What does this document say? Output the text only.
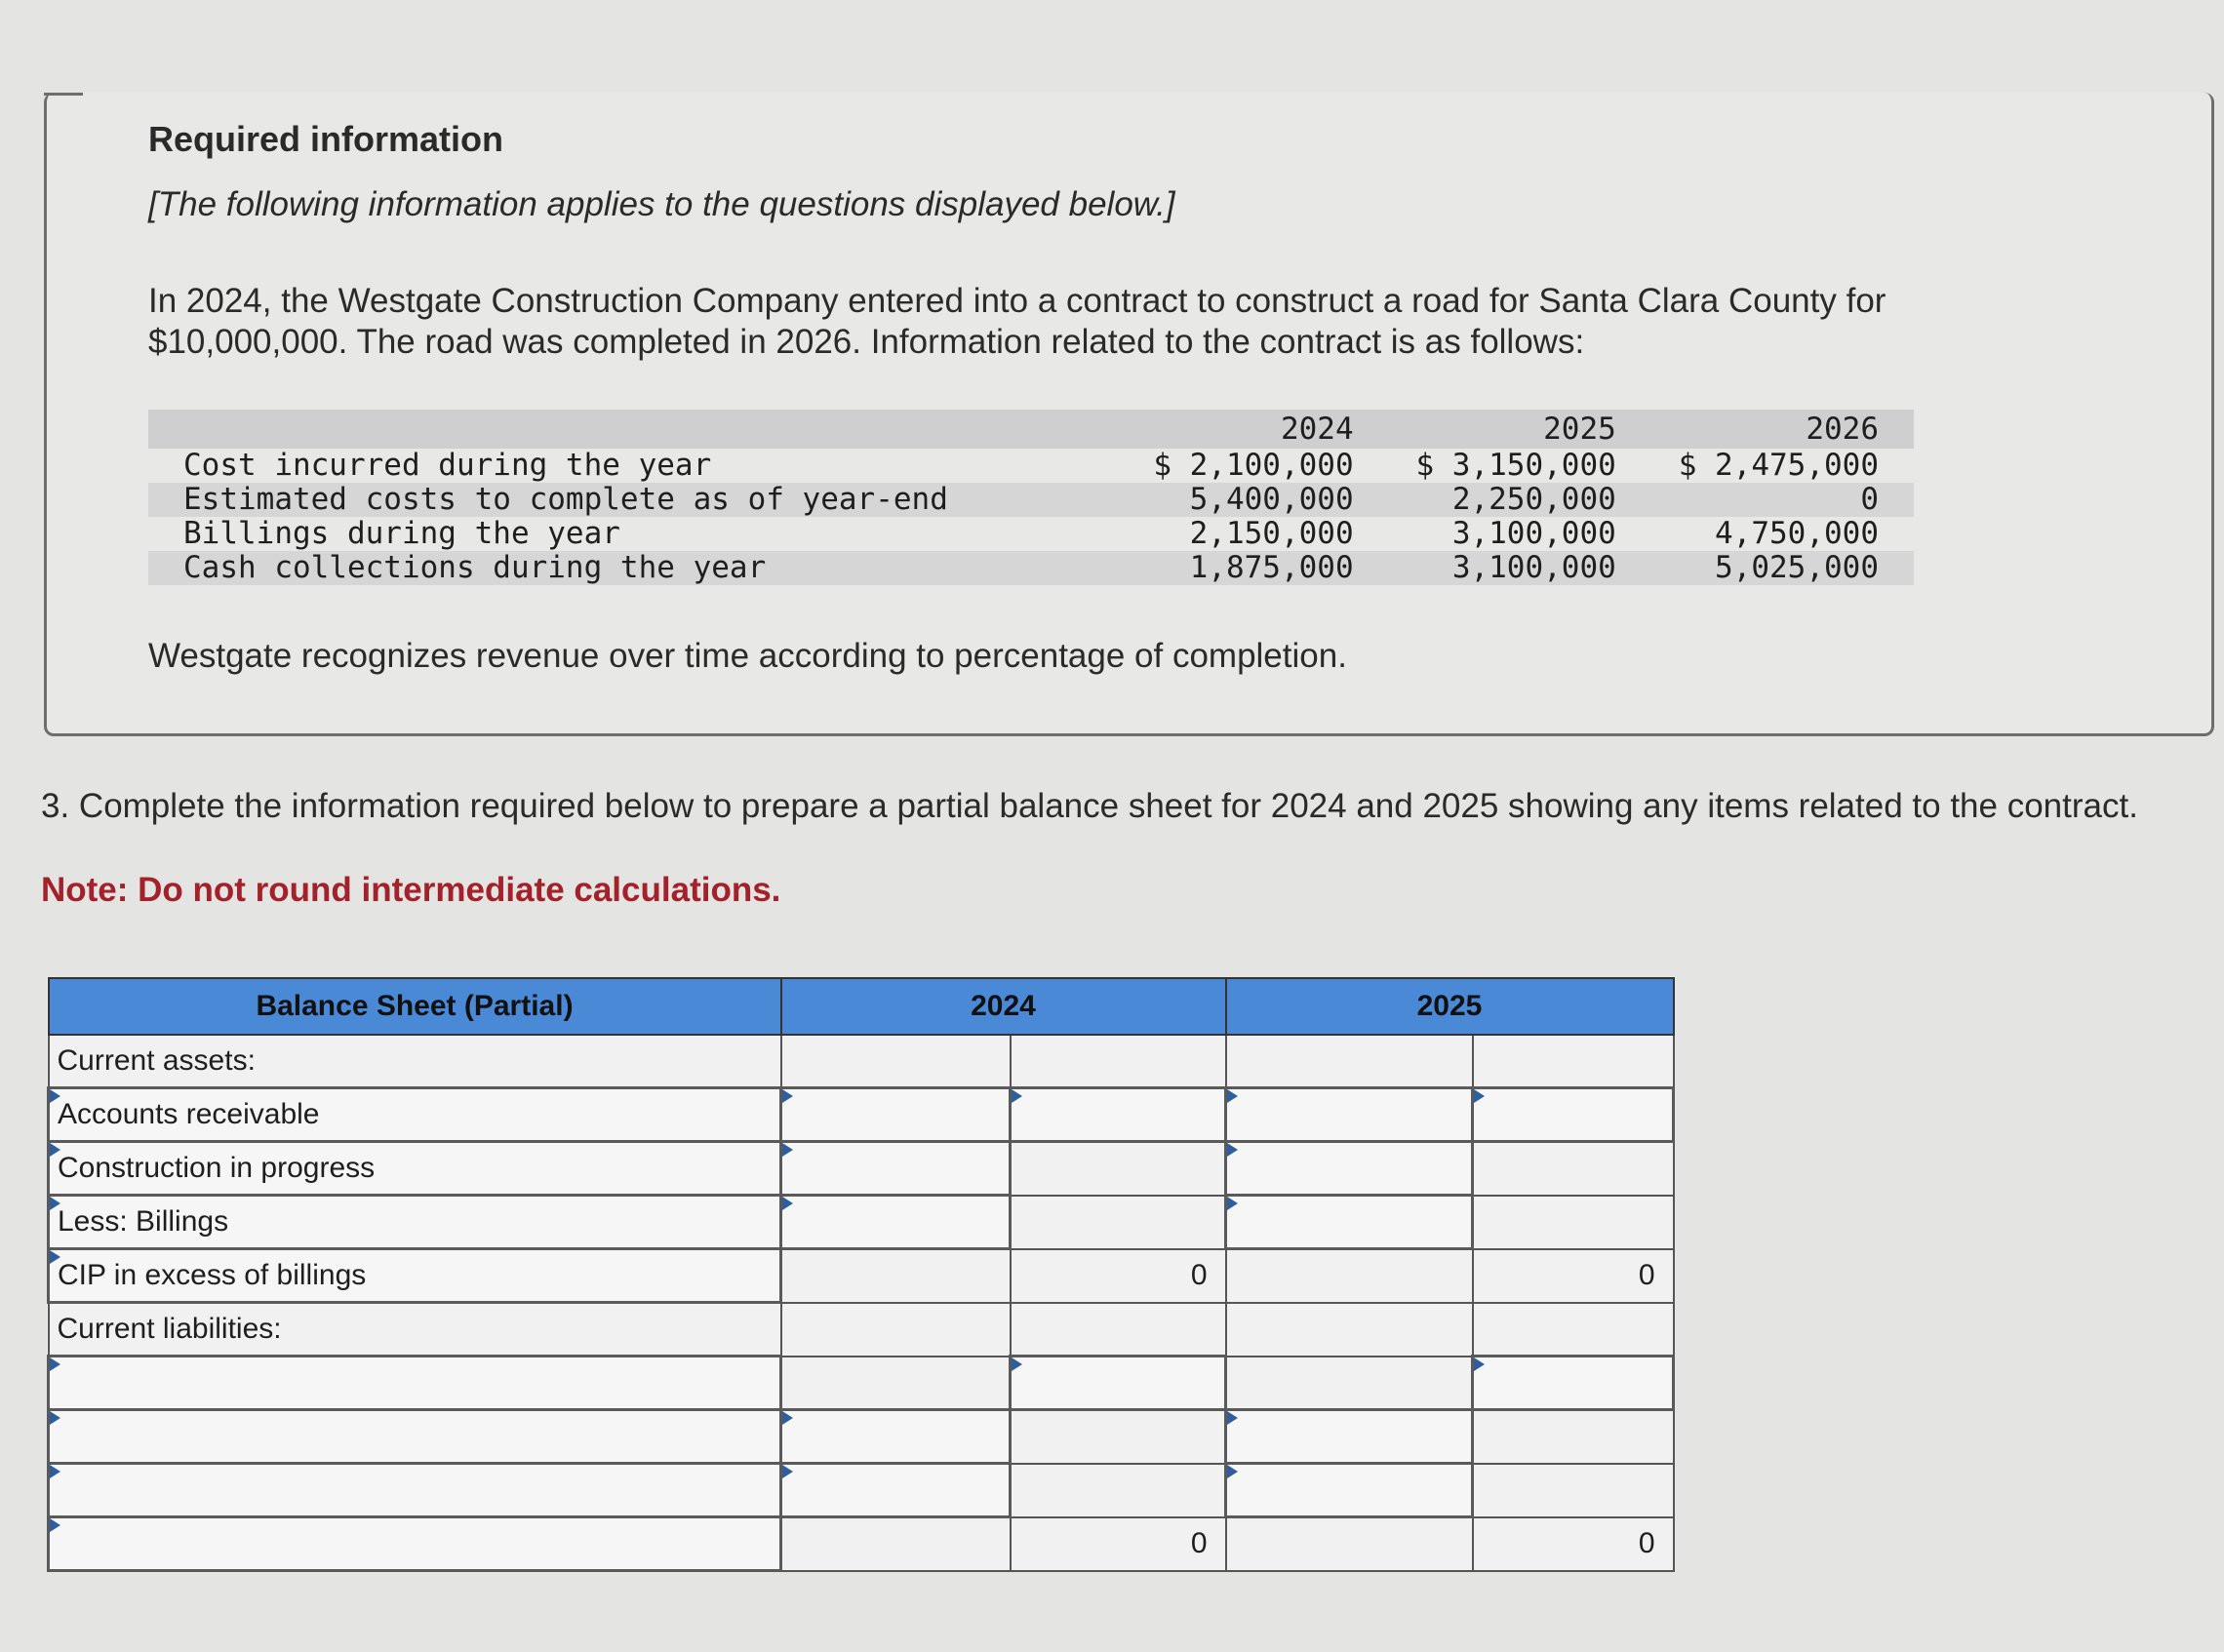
Required information
[The following information applies to the questions displayed below.]
In 2024, the Westgate Construction Company entered into a contract to construct a road for Santa Clara County for $10,000,000. The road was completed in 2026. Information related to the contract is as follows:
	2024	2025	2026
Cost incurred during the year	$ 2,100,000	$ 3,150,000	$ 2,475,000
Estimated costs to complete as of year-end	5,400,000	2,250,000	0
Billings during the year	2,150,000	3,100,000	4,750,000
Cash collections during the year	1,875,000	3,100,000	5,025,000
Westgate recognizes revenue over time according to percentage of completion.
3. Complete the information required below to prepare a partial balance sheet for 2024 and 2025 showing any items related to the contract.
Note: Do not round intermediate calculations.
Balance Sheet (Partial)	2024		2025	
Current assets:				
Accounts receivable				
Construction in progress				
Less: Billings				
CIP in excess of billings		0		0
Current liabilities:				

		0		0
